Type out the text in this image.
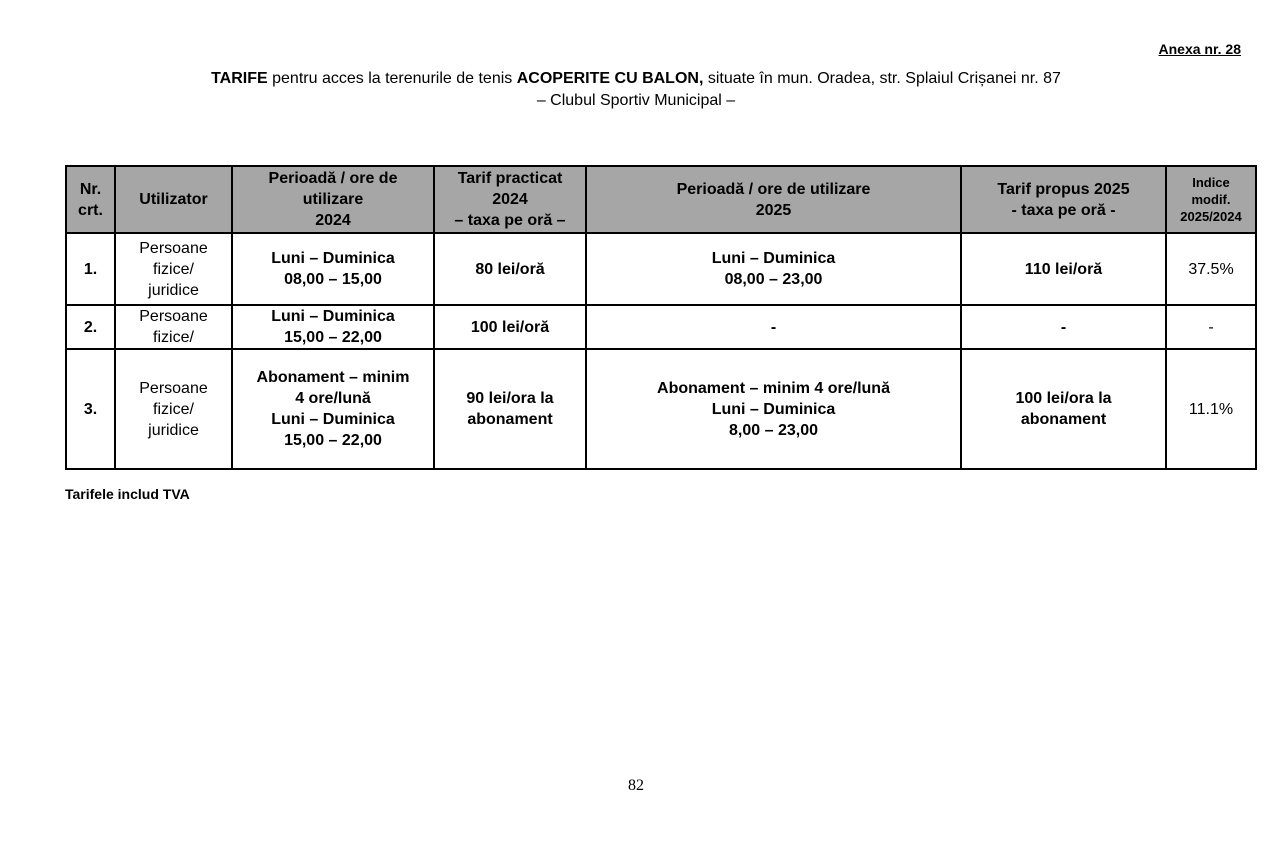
Anexa nr. 28
TARIFE pentru acces la terenurile de tenis ACOPERITE CU BALON, situate în mun. Oradea, str. Splaiul Crișanei nr. 87
– Clubul Sportiv Municipal –
Nr.
crt.	Utilizator	Perioadă / ore de
utilizare
2024	Tarif practicat
2024
– taxa pe oră –	Perioadă / ore de utilizare
2025	Tarif propus 2025
- taxa pe oră -	Indice
modif.
2025/2024

1.	Persoane
fizice/
juridice	Luni – Duminica
08,00 – 15,00	80 lei/oră	Luni – Duminica
08,00 – 23,00	110 lei/oră	37.5%
2.	Persoane
fizice/	Luni – Duminica
15,00 – 22,00	100 lei/oră	-	-	-
3.	Persoane
fizice/
juridice	Abonament – minim
4 ore/lună
Luni – Duminica
15,00 – 22,00	90 lei/ora la
abonament	Abonament – minim 4 ore/lună
Luni – Duminica
8,00 – 23,00	100 lei/ora la
abonament	11.1%
Tarifele includ TVA
82
